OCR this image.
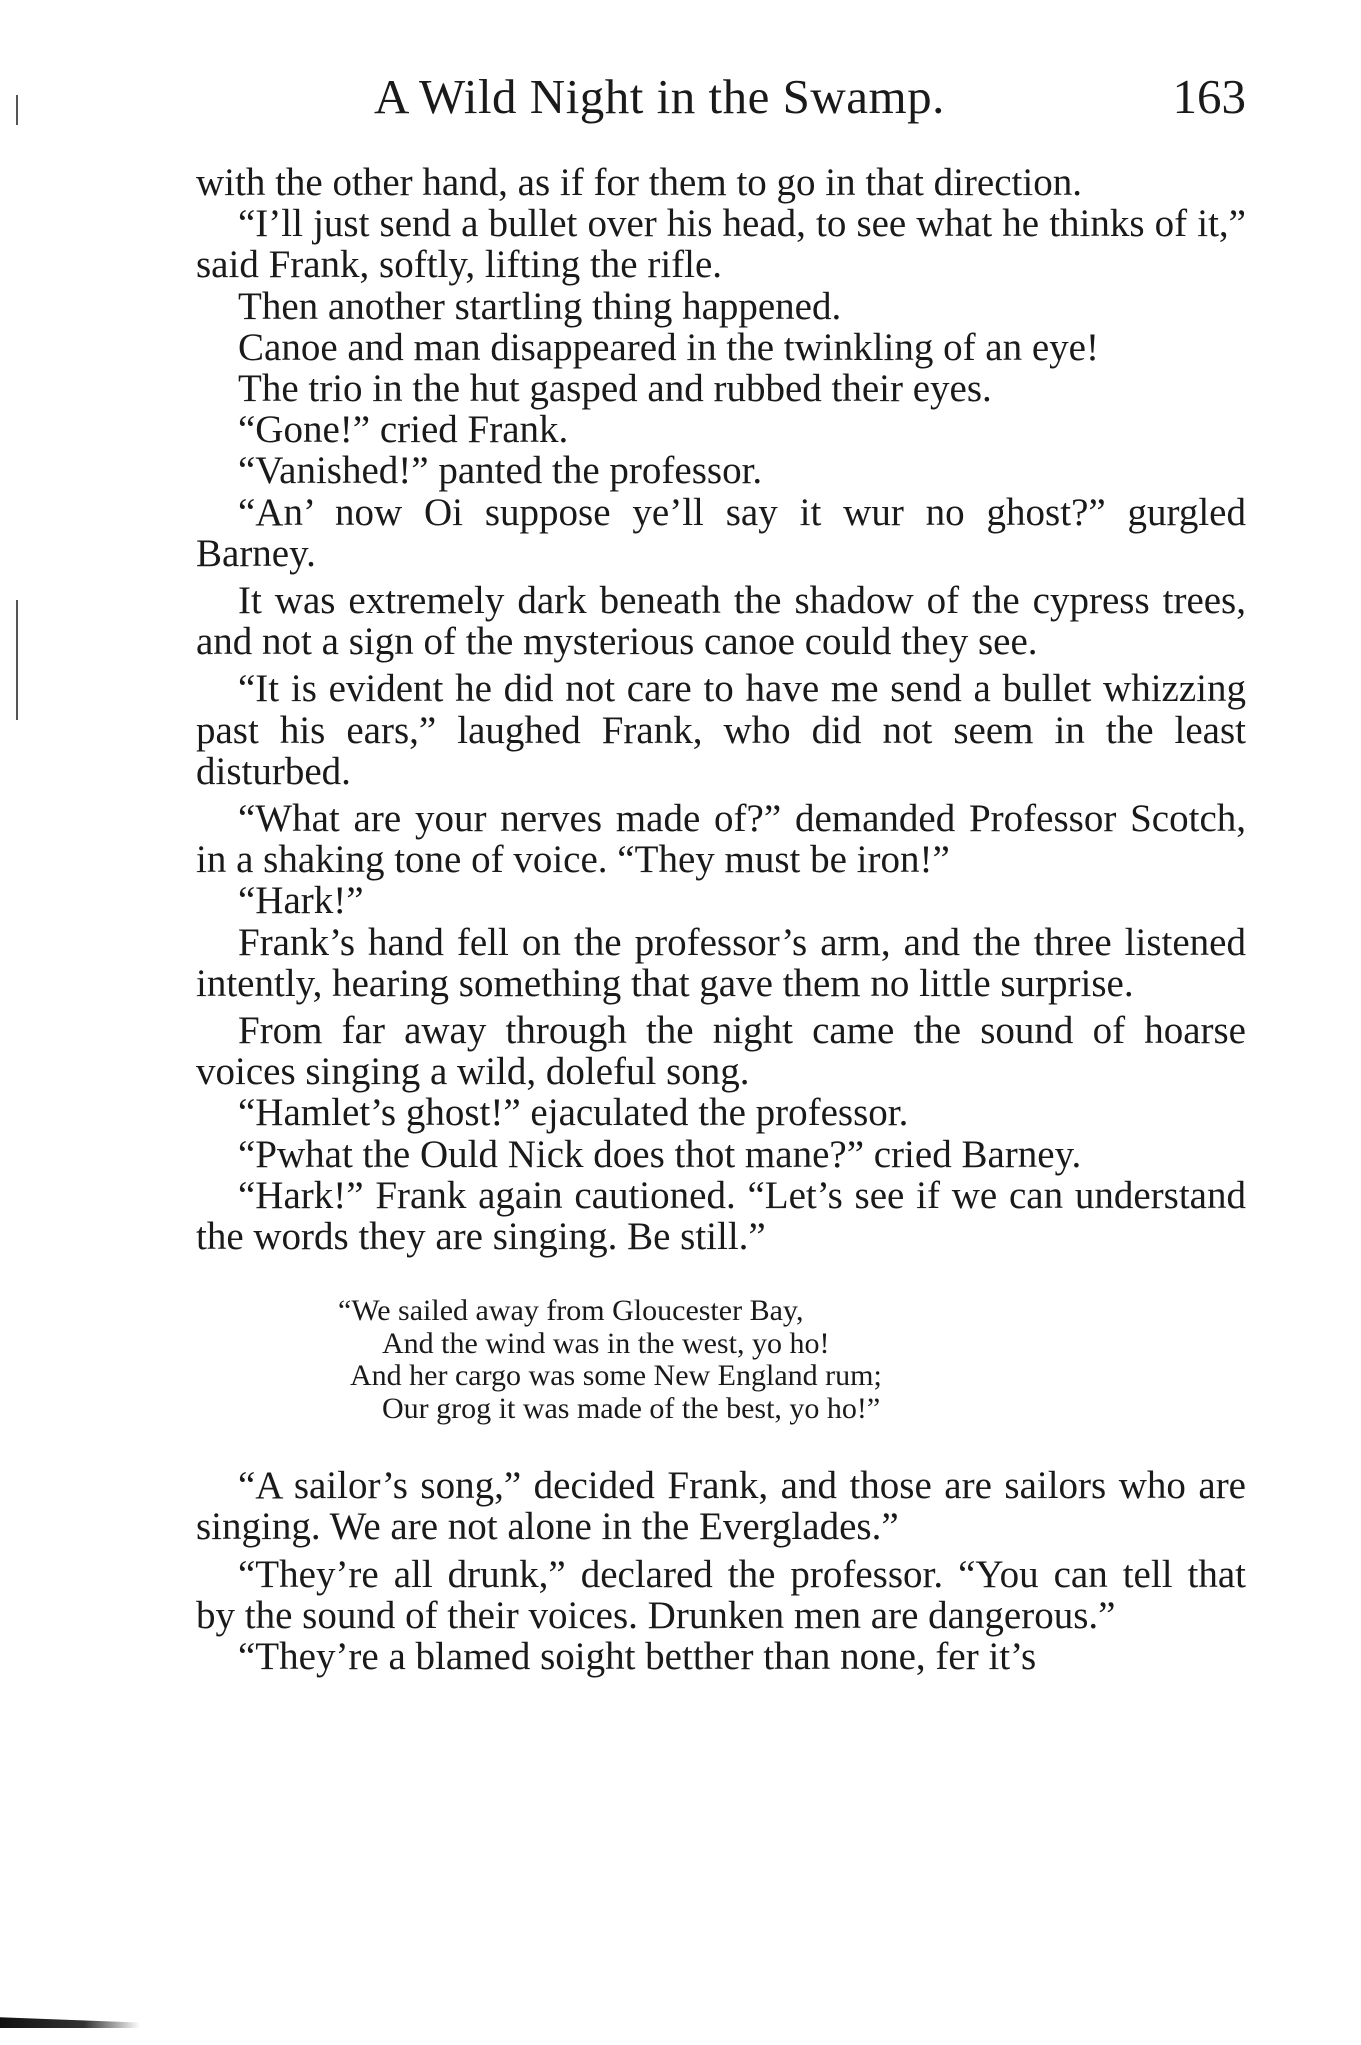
A Wild Night in the Swamp.	163

with the other hand, as if for them to go in that direction.

“I’ll just send a bullet over his head, to see what he thinks of it,” said Frank, softly, lifting the rifle.

Then another startling thing happened.

Canoe and man disappeared in the twinkling of an eye!

The trio in the hut gasped and rubbed their eyes.

“Gone!” cried Frank.

“Vanished!” panted the professor.

“An’ now Oi suppose ye’ll say it wur no ghost?” gurgled Barney.

It was extremely dark beneath the shadow of the cypress trees, and not a sign of the mysterious canoe could they see.

“It is evident he did not care to have me send a bullet whizzing past his ears,” laughed Frank, who did not seem in the least disturbed.

“What are your nerves made of?” demanded Professor Scotch, in a shaking tone of voice. “They must be iron!”

“Hark!”

Frank’s hand fell on the professor’s arm, and the three listened intently, hearing something that gave them no little surprise.

From far away through the night came the sound of hoarse voices singing a wild, doleful song.

“Hamlet’s ghost!” ejaculated the professor.

“Pwhat the Ould Nick does thot mane?” cried Barney.

“Hark!” Frank again cautioned. “Let’s see if we can understand the words they are singing. Be still.”

“We sailed away from Gloucester Bay,
And the wind was in the west, yo ho!
And her cargo was some New England rum;
Our grog it was made of the best, yo ho!”

“A sailor’s song,” decided Frank, and those are sailors who are singing. We are not alone in the Everglades.”

“They’re all drunk,” declared the professor. “You can tell that by the sound of their voices. Drunken men are dangerous.”

“They’re a blamed soight betther than none, fer it’s
